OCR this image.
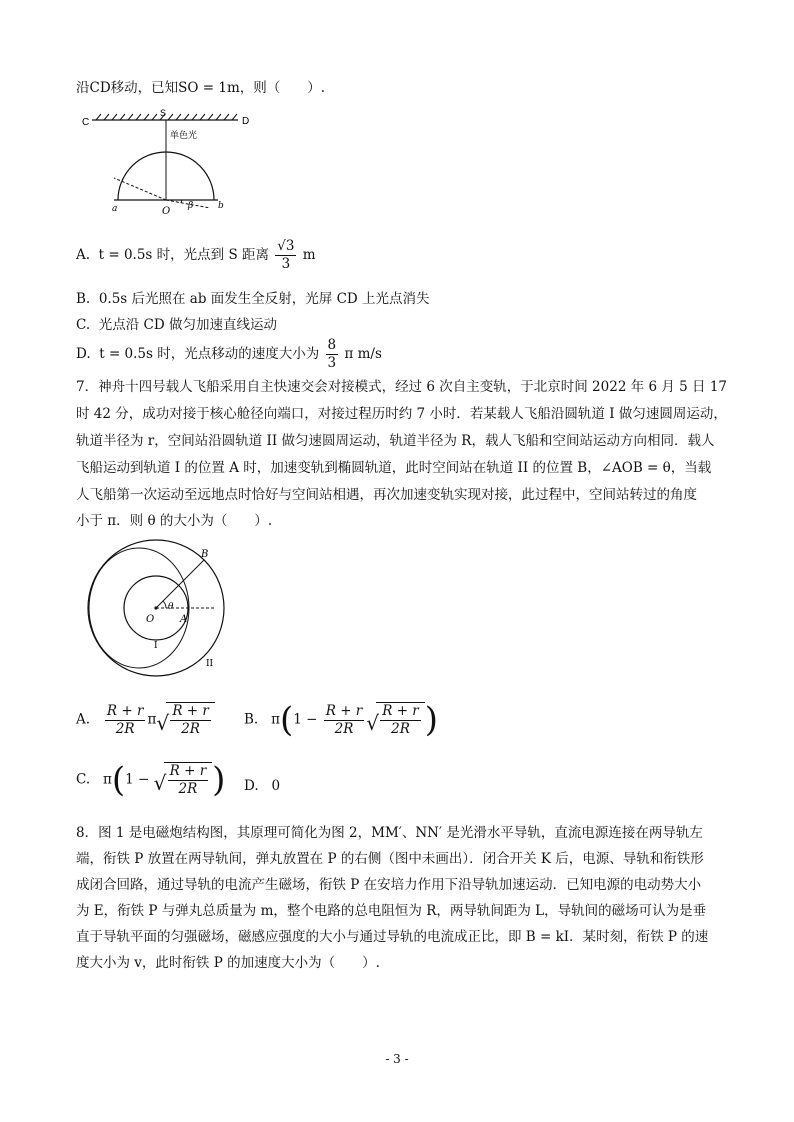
沿CD移动，已知SO = 1m，则（　　）.
C	D
S
单色光
a	O β	b
A. t = 0.5s 时，光点到 S 距离 $\frac{√3}{3}$ m
B. 0.5s 后光照在 ab 面发生全反射，光屏 CD 上光点消失
C. 光点沿 CD 做匀加速直线运动
D. t = 0.5s 时，光点移动的速度大小为 $\frac{8}{3}$ π m/s
7．神舟十四号载人飞船采用自主快速交会对接模式，经过 6 次自主变轨，于北京时间 2022 年 6 月 5 日 17
时 42 分，成功对接于核心舱径向端口，对接过程历时约 7 小时．若某载人飞船沿圆轨道 I 做匀速圆周运动，
轨道半径为 r，空间站沿圆轨道 II 做匀速圆周运动，轨道半径为 R，载人飞船和空间站运动方向相同．载人
飞船运动到轨道 I 的位置 A 时，加速变轨到椭圆轨道，此时空间站在轨道 II 的位置 B，∠AOB = θ，当载
人飞船第一次运动至远地点时恰好与空间站相遇，再次加速变轨实现对接，此过程中，空间站转过的角度
小于 π．则 θ 的大小为（　　）.
B
O	A
θ
I
II
A. $\frac{R + r}{2R}$ π √ $\frac{R + r}{2R} B$. $\pi(1 - \frac{R + r}{2R}$ √ $\frac{R + r}{2R}$ )
C. π(1 − √ $\frac{R + r}{2R}$ ) D. 0
8．图 1 是电磁炮结构图，其原理可简化为图 2，MM′、NN′ 是光滑水平导轨，直流电源连接在两导轨左
端，衔铁 P 放置在两导轨间，弹丸放置在 P 的右侧（图中未画出）．闭合开关 K 后，电源、导轨和衔铁形
成闭合回路，通过导轨的电流产生磁场，衔铁 P 在安培力作用下沿导轨加速运动．已知电源的电动势大小
为 E，衔铁 P 与弹丸总质量为 m，整个电路的总电阻恒为 R，两导轨间距为 L，导轨间的磁场可认为是垂
直于导轨平面的匀强磁场，磁感应强度的大小与通过导轨的电流成正比，即 B = kI．某时刻，衔铁 P 的速
度大小为 v，此时衔铁 P 的加速度大小为（　　）.
- 3 -
